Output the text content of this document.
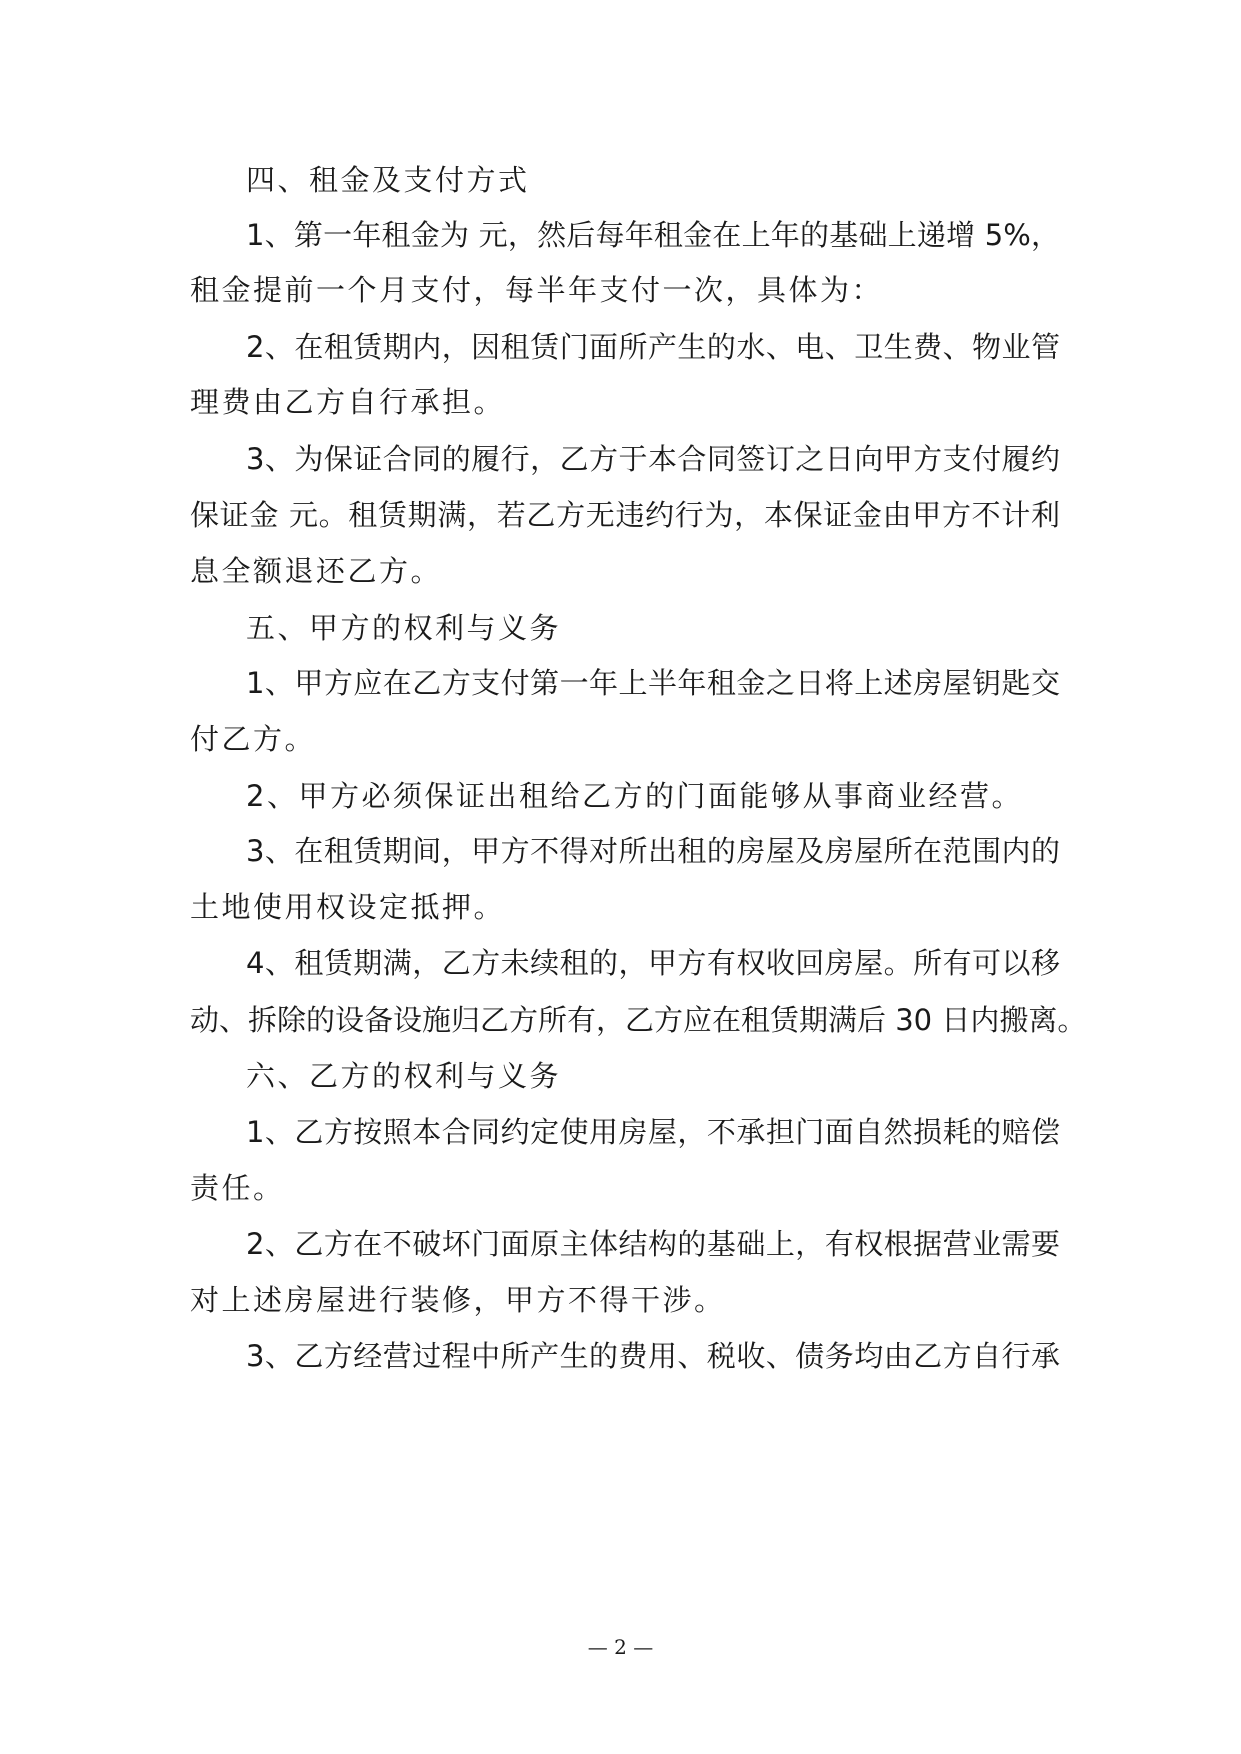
四、租金及支付方式
1、第一年租金为 元，然后每年租金在上年的基础上递增 5%，
租金提前一个月支付，每半年支付一次，具体为：
2、在租赁期内，因租赁门面所产生的水、电、卫生费、物业管
理费由乙方自行承担。
3、为保证合同的履行，乙方于本合同签订之日向甲方支付履约
保证金 元。租赁期满，若乙方无违约行为，本保证金由甲方不计利
息全额退还乙方。
五、甲方的权利与义务
1、甲方应在乙方支付第一年上半年租金之日将上述房屋钥匙交
付乙方。
2、甲方必须保证出租给乙方的门面能够从事商业经营。
3、在租赁期间，甲方不得对所出租的房屋及房屋所在范围内的
土地使用权设定抵押。
4、租赁期满，乙方未续租的，甲方有权收回房屋。所有可以移
动、拆除的设备设施归乙方所有，乙方应在租赁期满后 30 日内搬离。
六、乙方的权利与义务
1、乙方按照本合同约定使用房屋，不承担门面自然损耗的赔偿
责任。
2、乙方在不破坏门面原主体结构的基础上，有权根据营业需要
对上述房屋进行装修，甲方不得干涉。
3、乙方经营过程中所产生的费用、税收、债务均由乙方自行承
— 2 —
